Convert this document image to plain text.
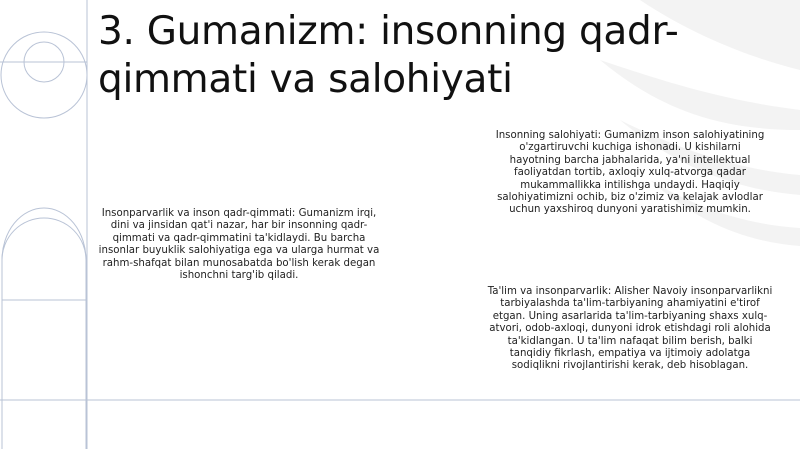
3. Gumanizm: insonning qadr-qimmati va salohiyati

Insonparvarlik va inson qadr-qimmati: Gumanizm irqi, dini va jinsidan qat'i nazar, har bir insonning qadr-qimmati va qadr-qimmatini ta'kidlaydi. Bu barcha insonlar buyuklik salohiyatiga ega va ularga hurmat va rahm-shafqat bilan munosabatda bo'lish kerak degan ishonchni targ'ib qiladi.

Insonning salohiyati: Gumanizm inson salohiyatining o'zgartiruvchi kuchiga ishonadi. U kishilarni hayotning barcha jabhalarida, ya'ni intellektual faoliyatdan tortib, axloqiy xulq-atvorga qadar mukammallikka intilishga undaydi. Haqiqiy salohiyatimizni ochib, biz o'zimiz va kelajak avlodlar uchun yaxshiroq dunyoni yaratishimiz mumkin.

Ta'lim va insonparvarlik: Alisher Navoiy insonparvarlikni tarbiyalashda ta'lim-tarbiyaning ahamiyatini e'tirof etgan. Uning asarlarida ta'lim-tarbiyaning shaxs xulq-atvori, odob-axloqi, dunyoni idrok etishdagi roli alohida ta'kidlangan. U ta'lim nafaqat bilim berish, balki tanqidiy fikrlash, empatiya va ijtimoiy adolatga sodiqlikni rivojlantirishi kerak, deb hisoblagan.
